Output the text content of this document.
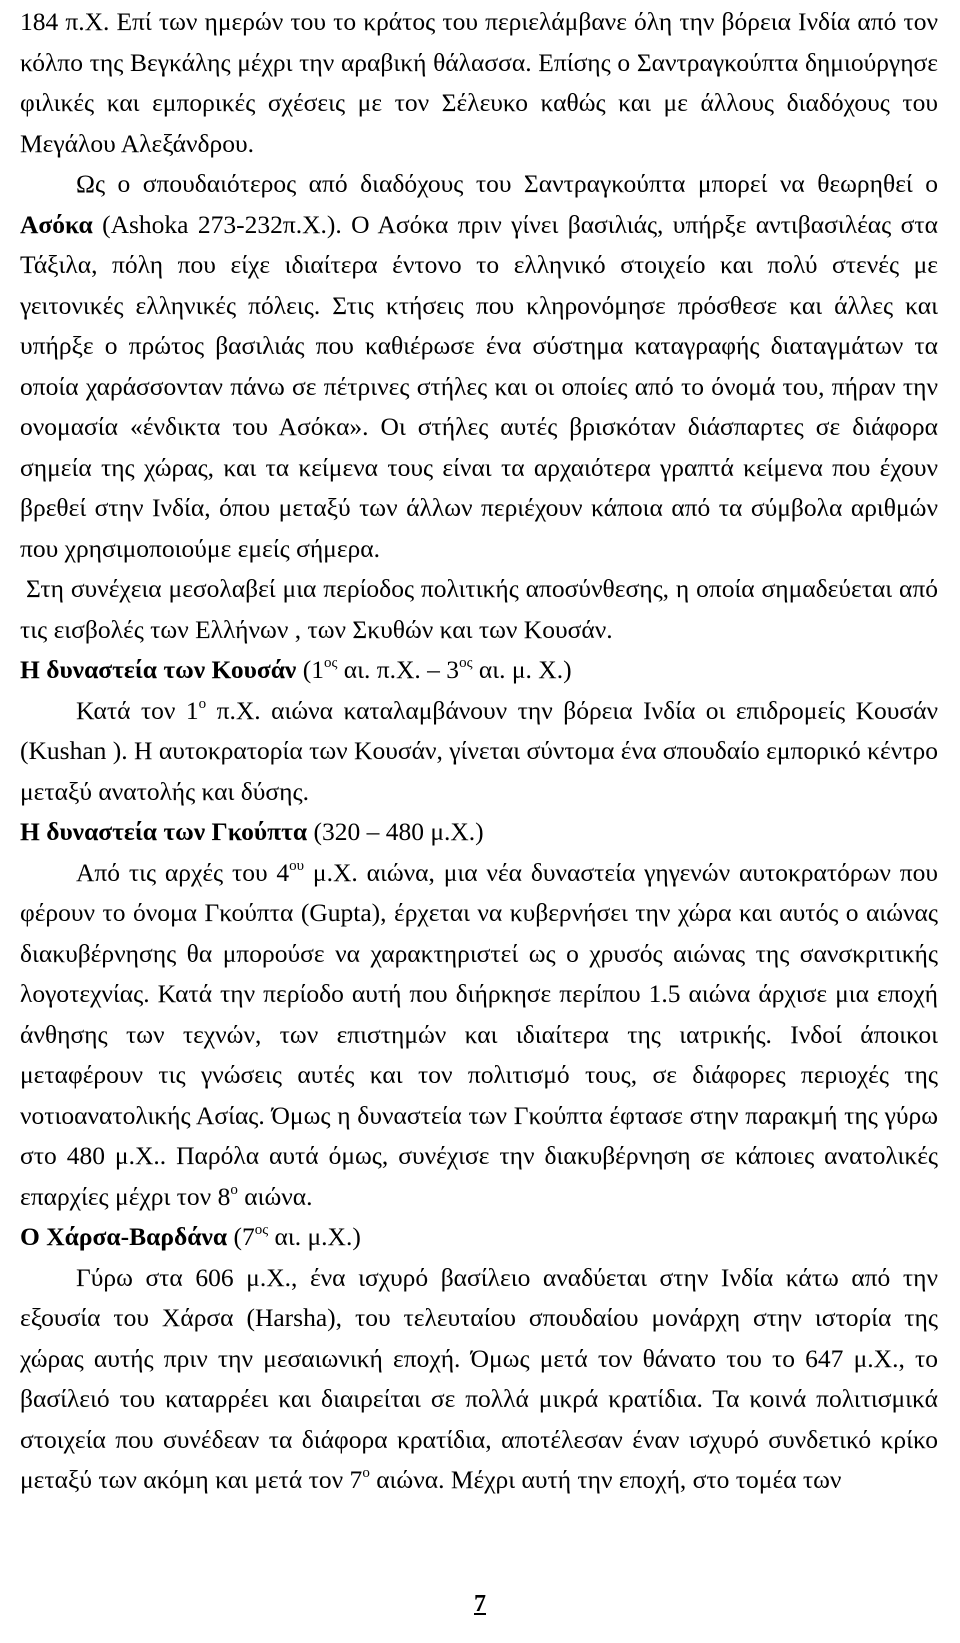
184 π.Χ. Επί των ημερών του το κράτος του περιελάμβανε όλη την βόρεια Ινδία από τον κόλπο της Βεγκάλης μέχρι την αραβική θάλασσα. Επίσης ο Σαντραγκούπτα δημιούργησε φιλικές και εμπορικές σχέσεις με τον Σέλευκο καθώς και με άλλους διαδόχους του Μεγάλου Αλεξάνδρου.

Ως ο σπουδαιότερος από διαδόχους του Σαντραγκούπτα μπορεί να θεωρηθεί ο Ασόκα (Ashoka 273-232π.Χ.). Ο Ασόκα πριν γίνει βασιλιάς, υπήρξε αντιβασιλέας στα Τάξιλα, πόλη που είχε ιδιαίτερα έντονο το ελληνικό στοιχείο και πολύ στενές με γειτονικές ελληνικές πόλεις. Στις κτήσεις που κληρονόμησε πρόσθεσε και άλλες και υπήρξε ο πρώτος βασιλιάς που καθιέρωσε ένα σύστημα καταγραφής διαταγμάτων τα οποία χαράσσονταν πάνω σε πέτρινες στήλες και οι οποίες από το όνομά του, πήραν την ονομασία «ένδικτα του Ασόκα». Οι στήλες αυτές βρισκόταν διάσπαρτες σε διάφορα σημεία της χώρας, και τα κείμενα τους είναι τα αρχαιότερα γραπτά κείμενα που έχουν βρεθεί στην Ινδία, όπου μεταξύ των άλλων περιέχουν κάποια από τα σύμβολα αριθμών που χρησιμοποιούμε εμείς σήμερα.

Στη συνέχεια μεσολαβεί μια περίοδος πολιτικής αποσύνθεσης, η οποία σημαδεύεται από τις εισβολές των Ελλήνων , των Σκυθών και των Κουσάν.

Η δυναστεία των Κουσάν ($1^{o\varsigma}$ αι. π.Χ. – $3^{o\varsigma}$ αι. μ. Χ.)

Κατά τον $1^o$ π.Χ. αιώνα καταλαμβάνουν την βόρεια Ινδία οι επιδρομείς Κουσάν (Kushan ). Η αυτοκρατορία των Κουσάν, γίνεται σύντομα ένα σπουδαίο εμπορικό κέντρο μεταξύ ανατολής και δύσης.

Η δυναστεία των Γκούπτα (320 – 480 μ.Χ.)

Από τις αρχές του $4^{o\upsilon}$ μ.Χ. αιώνα, μια νέα δυναστεία γηγενών αυτοκρατόρων που φέρουν το όνομα Γκούπτα (Gupta), έρχεται να κυβερνήσει την χώρα και αυτός ο αιώνας διακυβέρνησης θα μπορούσε να χαρακτηριστεί ως ο χρυσός αιώνας της σανσκριτικής λογοτεχνίας. Κατά την περίοδο αυτή που διήρκησε περίπου 1.5 αιώνα άρχισε μια εποχή άνθησης των τεχνών, των επιστημών και ιδιαίτερα της ιατρικής. Ινδοί άποικοι μεταφέρουν τις γνώσεις αυτές και τον πολιτισμό τους, σε διάφορες περιοχές της νοτιοανατολικής Ασίας. Όμως η δυναστεία των Γκούπτα έφτασε στην παρακμή της γύρω στο 480 μ.Χ.. Παρόλα αυτά όμως, συνέχισε την διακυβέρνηση σε κάποιες ανατολικές επαρχίες μέχρι τον $8^o$ αιώνα.

Ο Χάρσα-Βαρδάνα ($7^{o\varsigma}$ αι. μ.Χ.)

Γύρω στα 606 μ.Χ., ένα ισχυρό βασίλειο αναδύεται στην Ινδία κάτω από την εξουσία του Χάρσα (Harsha), του τελευταίου σπουδαίου μονάρχη στην ιστορία της χώρας αυτής πριν την μεσαιωνική εποχή. Όμως μετά τον θάνατο του το 647 μ.Χ., το βασίλειό του καταρρέει και διαιρείται σε πολλά μικρά κρατίδια. Τα κοινά πολιτισμικά στοιχεία που συνέδεαν τα διάφορα κρατίδια, αποτέλεσαν έναν ισχυρό συνδετικό κρίκο μεταξύ των ακόμη και μετά τον $7^o$ αιώνα. Μέχρι αυτή την εποχή, στο τομέα των

7
